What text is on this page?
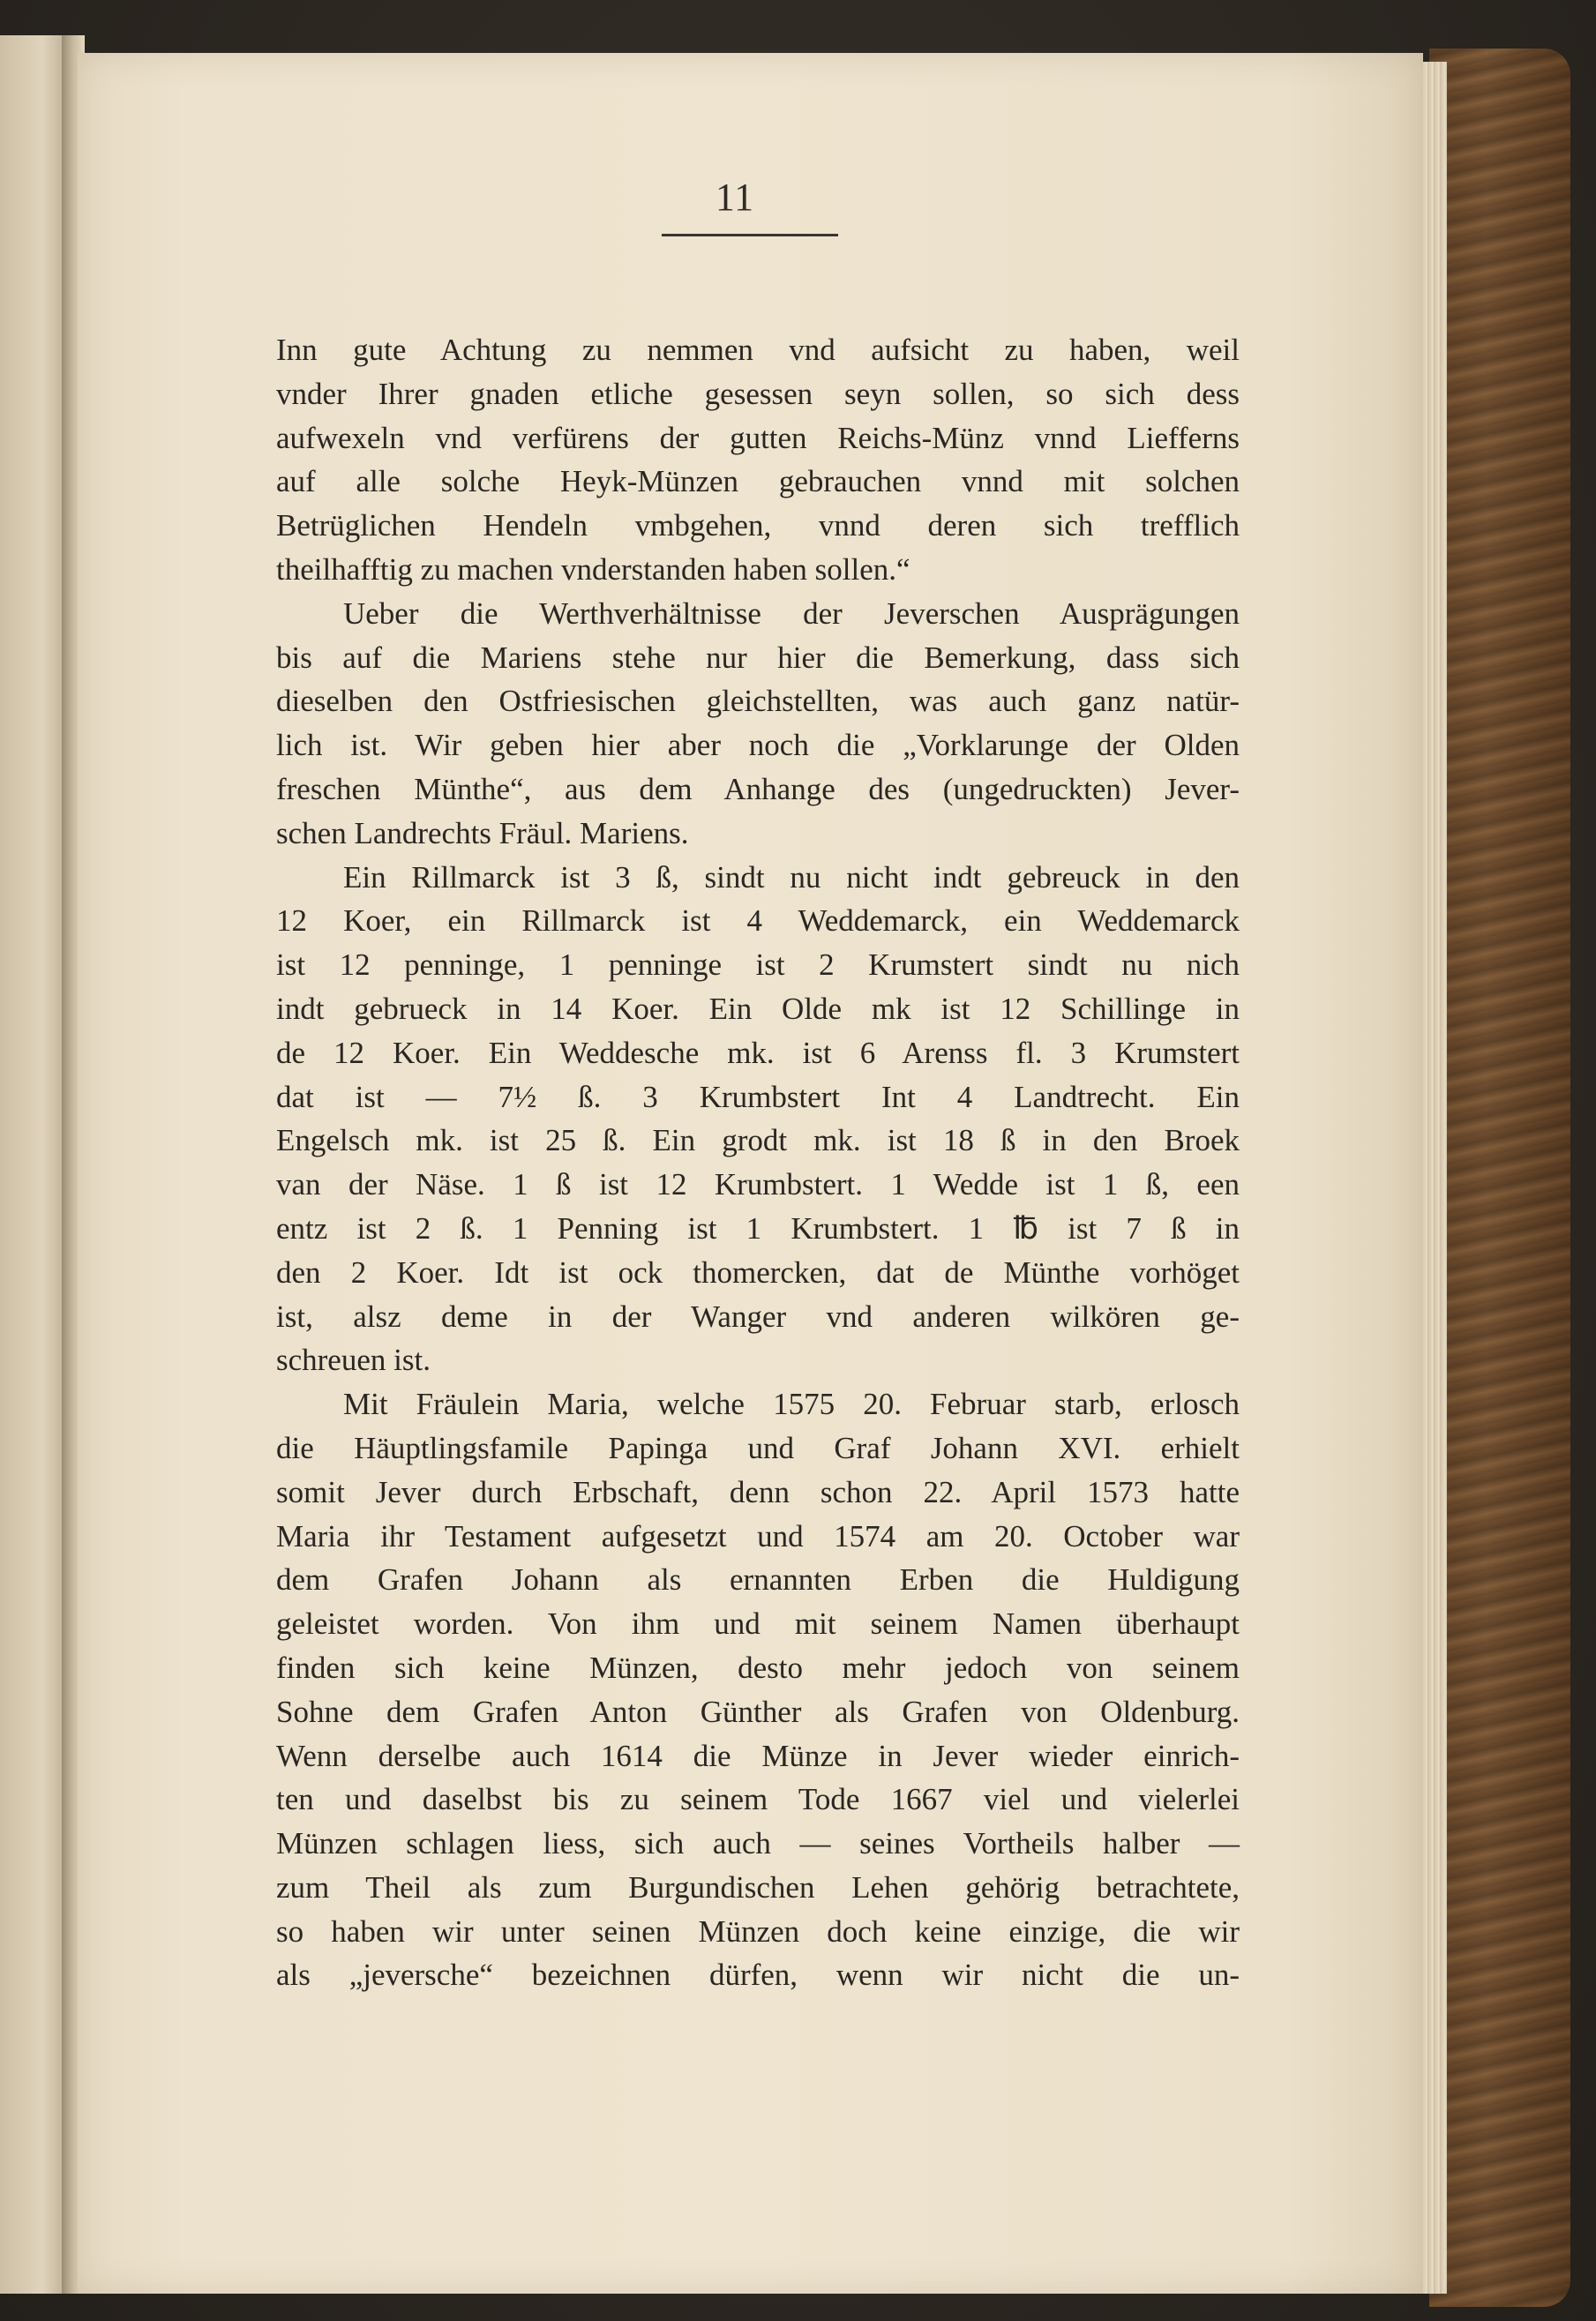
11
Inn gute Achtung zu nemmen vnd aufsicht zu haben, weil
vnder Ihrer gnaden etliche gesessen seyn sollen, so sich dess
aufwexeln vnd verfürens der gutten Reichs-Münz vnnd Liefferns
auf alle solche Heyk-Münzen gebrauchen vnnd mit solchen
Betrüglichen Hendeln vmbgehen, vnnd deren sich trefflich
theilhafftig zu machen vnderstanden haben sollen.“
Ueber die Werthverhältnisse der Jeverschen Ausprägungen
bis auf die Mariens stehe nur hier die Bemerkung, dass sich
dieselben den Ostfriesischen gleichstellten, was auch ganz natür-
lich ist. Wir geben hier aber noch die „Vorklarunge der Olden
freschen Münthe“, aus dem Anhange des (ungedruckten) Jever-
schen Landrechts Fräul. Mariens.
Ein Rillmarck ist 3 ß, sindt nu nicht indt gebreuck in den
12 Koer, ein Rillmarck ist 4 Weddemarck, ein Weddemarck
ist 12 penninge, 1 penninge ist 2 Krumstert sindt nu nich
indt gebrueck in 14 Koer. Ein Olde mk ist 12 Schillinge in
de 12 Koer. Ein Weddesche mk. ist 6 Arenss fl. 3 Krumstert
dat ist — 7½ ß. 3 Krumbstert Int 4 Landtrecht. Ein
Engelsch mk. ist 25 ß. Ein grodt mk. ist 18 ß in den Broek
van der Näse. 1 ß ist 12 Krumbstert. 1 Wedde ist 1 ß, een
entz ist 2 ß. 1 Penning ist 1 Krumbstert. 1 ℔ ist 7 ß in
den 2 Koer. Idt ist ock thomercken, dat de Münthe vorhöget
ist, alsz deme in der Wanger vnd anderen wilkören ge-
schreuen ist.
Mit Fräulein Maria, welche 1575 20. Februar starb, erlosch
die Häuptlingsfamile Papinga und Graf Johann XVI. erhielt
somit Jever durch Erbschaft, denn schon 22. April 1573 hatte
Maria ihr Testament aufgesetzt und 1574 am 20. October war
dem Grafen Johann als ernannten Erben die Huldigung
geleistet worden. Von ihm und mit seinem Namen überhaupt
finden sich keine Münzen, desto mehr jedoch von seinem
Sohne dem Grafen Anton Günther als Grafen von Oldenburg.
Wenn derselbe auch 1614 die Münze in Jever wieder einrich-
ten und daselbst bis zu seinem Tode 1667 viel und vielerlei
Münzen schlagen liess, sich auch — seines Vortheils halber —
zum Theil als zum Burgundischen Lehen gehörig betrachtete,
so haben wir unter seinen Münzen doch keine einzige, die wir
als „jeversche“ bezeichnen dürfen, wenn wir nicht die un-
